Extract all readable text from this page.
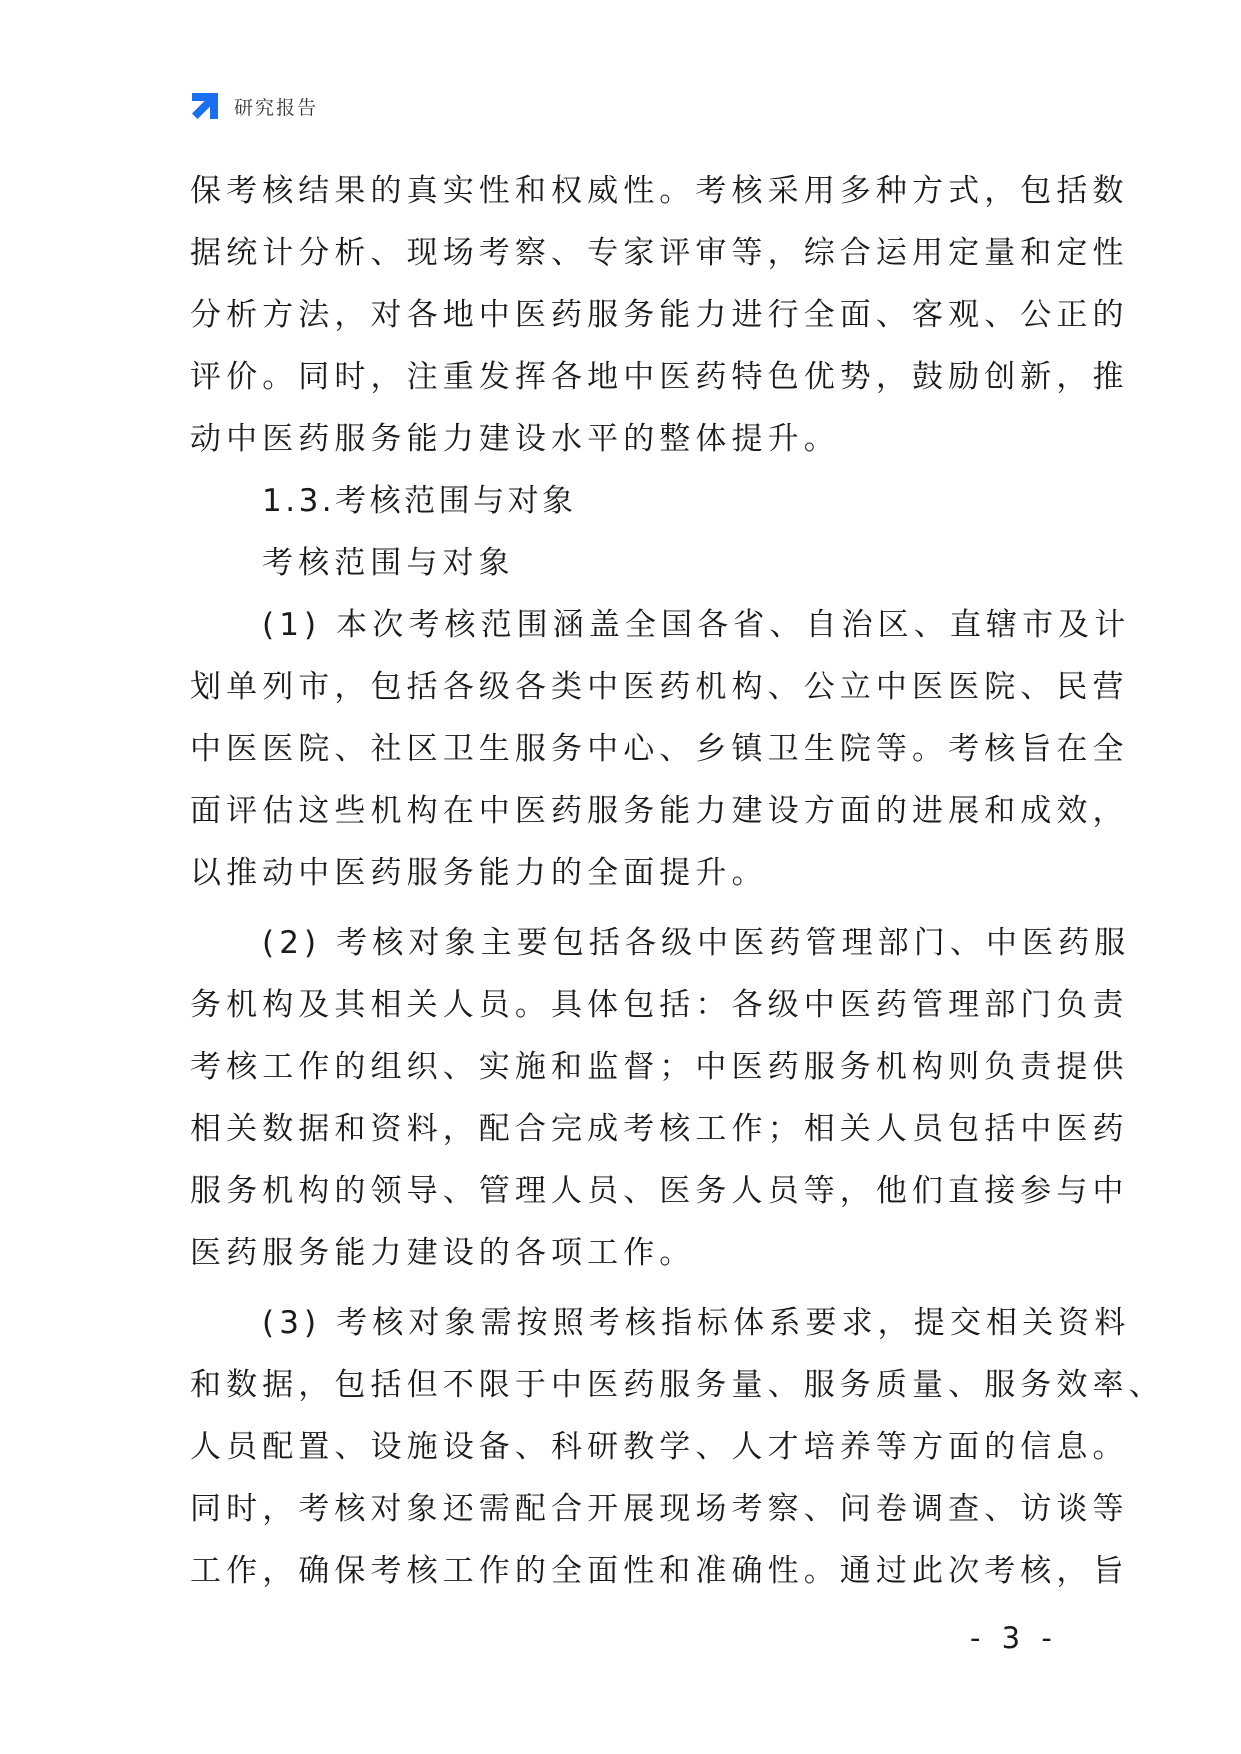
研究报告
保考核结果的真实性和权威性。考核采用多种方式，包括数
据统计分析、现场考察、专家评审等，综合运用定量和定性
分析方法，对各地中医药服务能力进行全面、客观、公正的
评价。同时，注重发挥各地中医药特色优势，鼓励创新，推
动中医药服务能力建设水平的整体提升。
1.3.考核范围与对象
考核范围与对象
(1) 本次考核范围涵盖全国各省、自治区、直辖市及计
划单列市，包括各级各类中医药机构、公立中医医院、民营
中医医院、社区卫生服务中心、乡镇卫生院等。考核旨在全
面评估这些机构在中医药服务能力建设方面的进展和成效，
以推动中医药服务能力的全面提升。
(2) 考核对象主要包括各级中医药管理部门、中医药服
务机构及其相关人员。具体包括：各级中医药管理部门负责
考核工作的组织、实施和监督；中医药服务机构则负责提供
相关数据和资料，配合完成考核工作；相关人员包括中医药
服务机构的领导、管理人员、医务人员等，他们直接参与中
医药服务能力建设的各项工作。
(3) 考核对象需按照考核指标体系要求，提交相关资料
和数据，包括但不限于中医药服务量、服务质量、服务效率、
人员配置、设施设备、科研教学、人才培养等方面的信息。
同时，考核对象还需配合开展现场考察、问卷调查、访谈等
工作，确保考核工作的全面性和准确性。通过此次考核，旨
- 3 -
